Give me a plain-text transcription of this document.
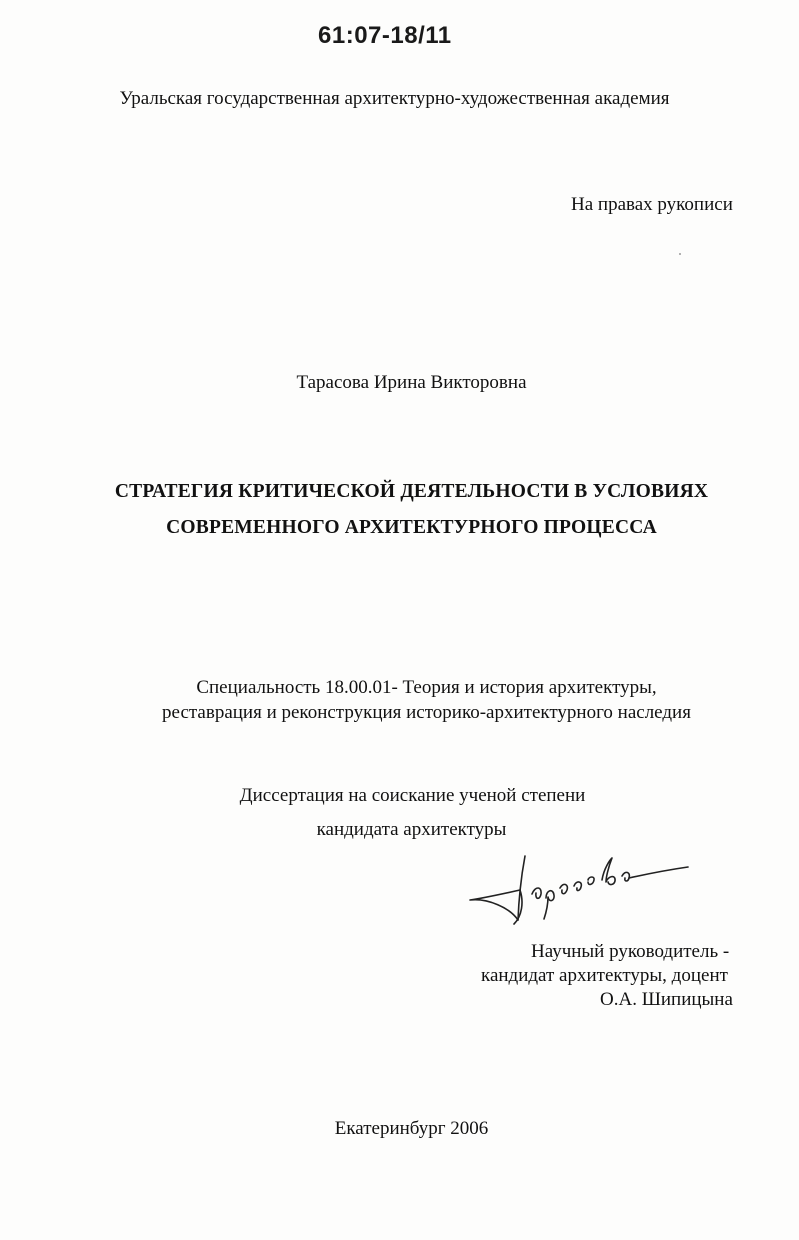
61:07-18/11
Уральская государственная архитектурно-художественная академия
На правах рукописи
Тарасова Ирина Викторовна
СТРАТЕГИЯ КРИТИЧЕСКОЙ ДЕЯТЕЛЬНОСТИ В УСЛОВИЯХ
СОВРЕМЕННОГО АРХИТЕКТУРНОГО ПРОЦЕССА
Специальность 18.00.01- Теория и история архитектуры,
реставрация и реконструкция историко-архитектурного наследия
Диссертация на соискание ученой степени
кандидата архитектуры
Научный руководитель -
кандидат архитектуры, доцент
О.А. Шипицына
Екатеринбург 2006
